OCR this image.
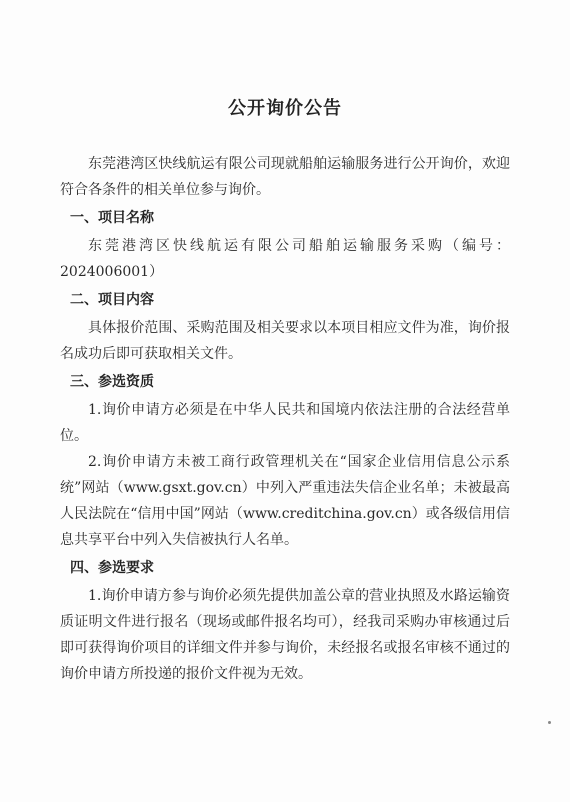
公开询价公告

东莞港湾区快线航运有限公司现就船舶运输服务进行公开询价，欢迎符合各条件的相关单位参与询价。

一、项目名称

东莞港湾区快线航运有限公司船舶运输服务采购（编号：2024006001）

二、项目内容

具体报价范围、采购范围及相关要求以本项目相应文件为准，询价报名成功后即可获取相关文件。

三、参选资质

1.询价申请方必须是在中华人民共和国境内依法注册的合法经营单位。

2.询价申请方未被工商行政管理机关在“国家企业信用信息公示系统”网站（www.gsxt.gov.cn）中列入严重违法失信企业名单；未被最高人民法院在“信用中国”网站（www.creditchina.gov.cn）或各级信用信息共享平台中列入失信被执行人名单。

四、参选要求

1.询价申请方参与询价必须先提供加盖公章的营业执照及水路运输资质证明文件进行报名（现场或邮件报名均可），经我司采购办审核通过后即可获得询价项目的详细文件并参与询价，未经报名或报名审核不通过的询价申请方所投递的报价文件视为无效。
